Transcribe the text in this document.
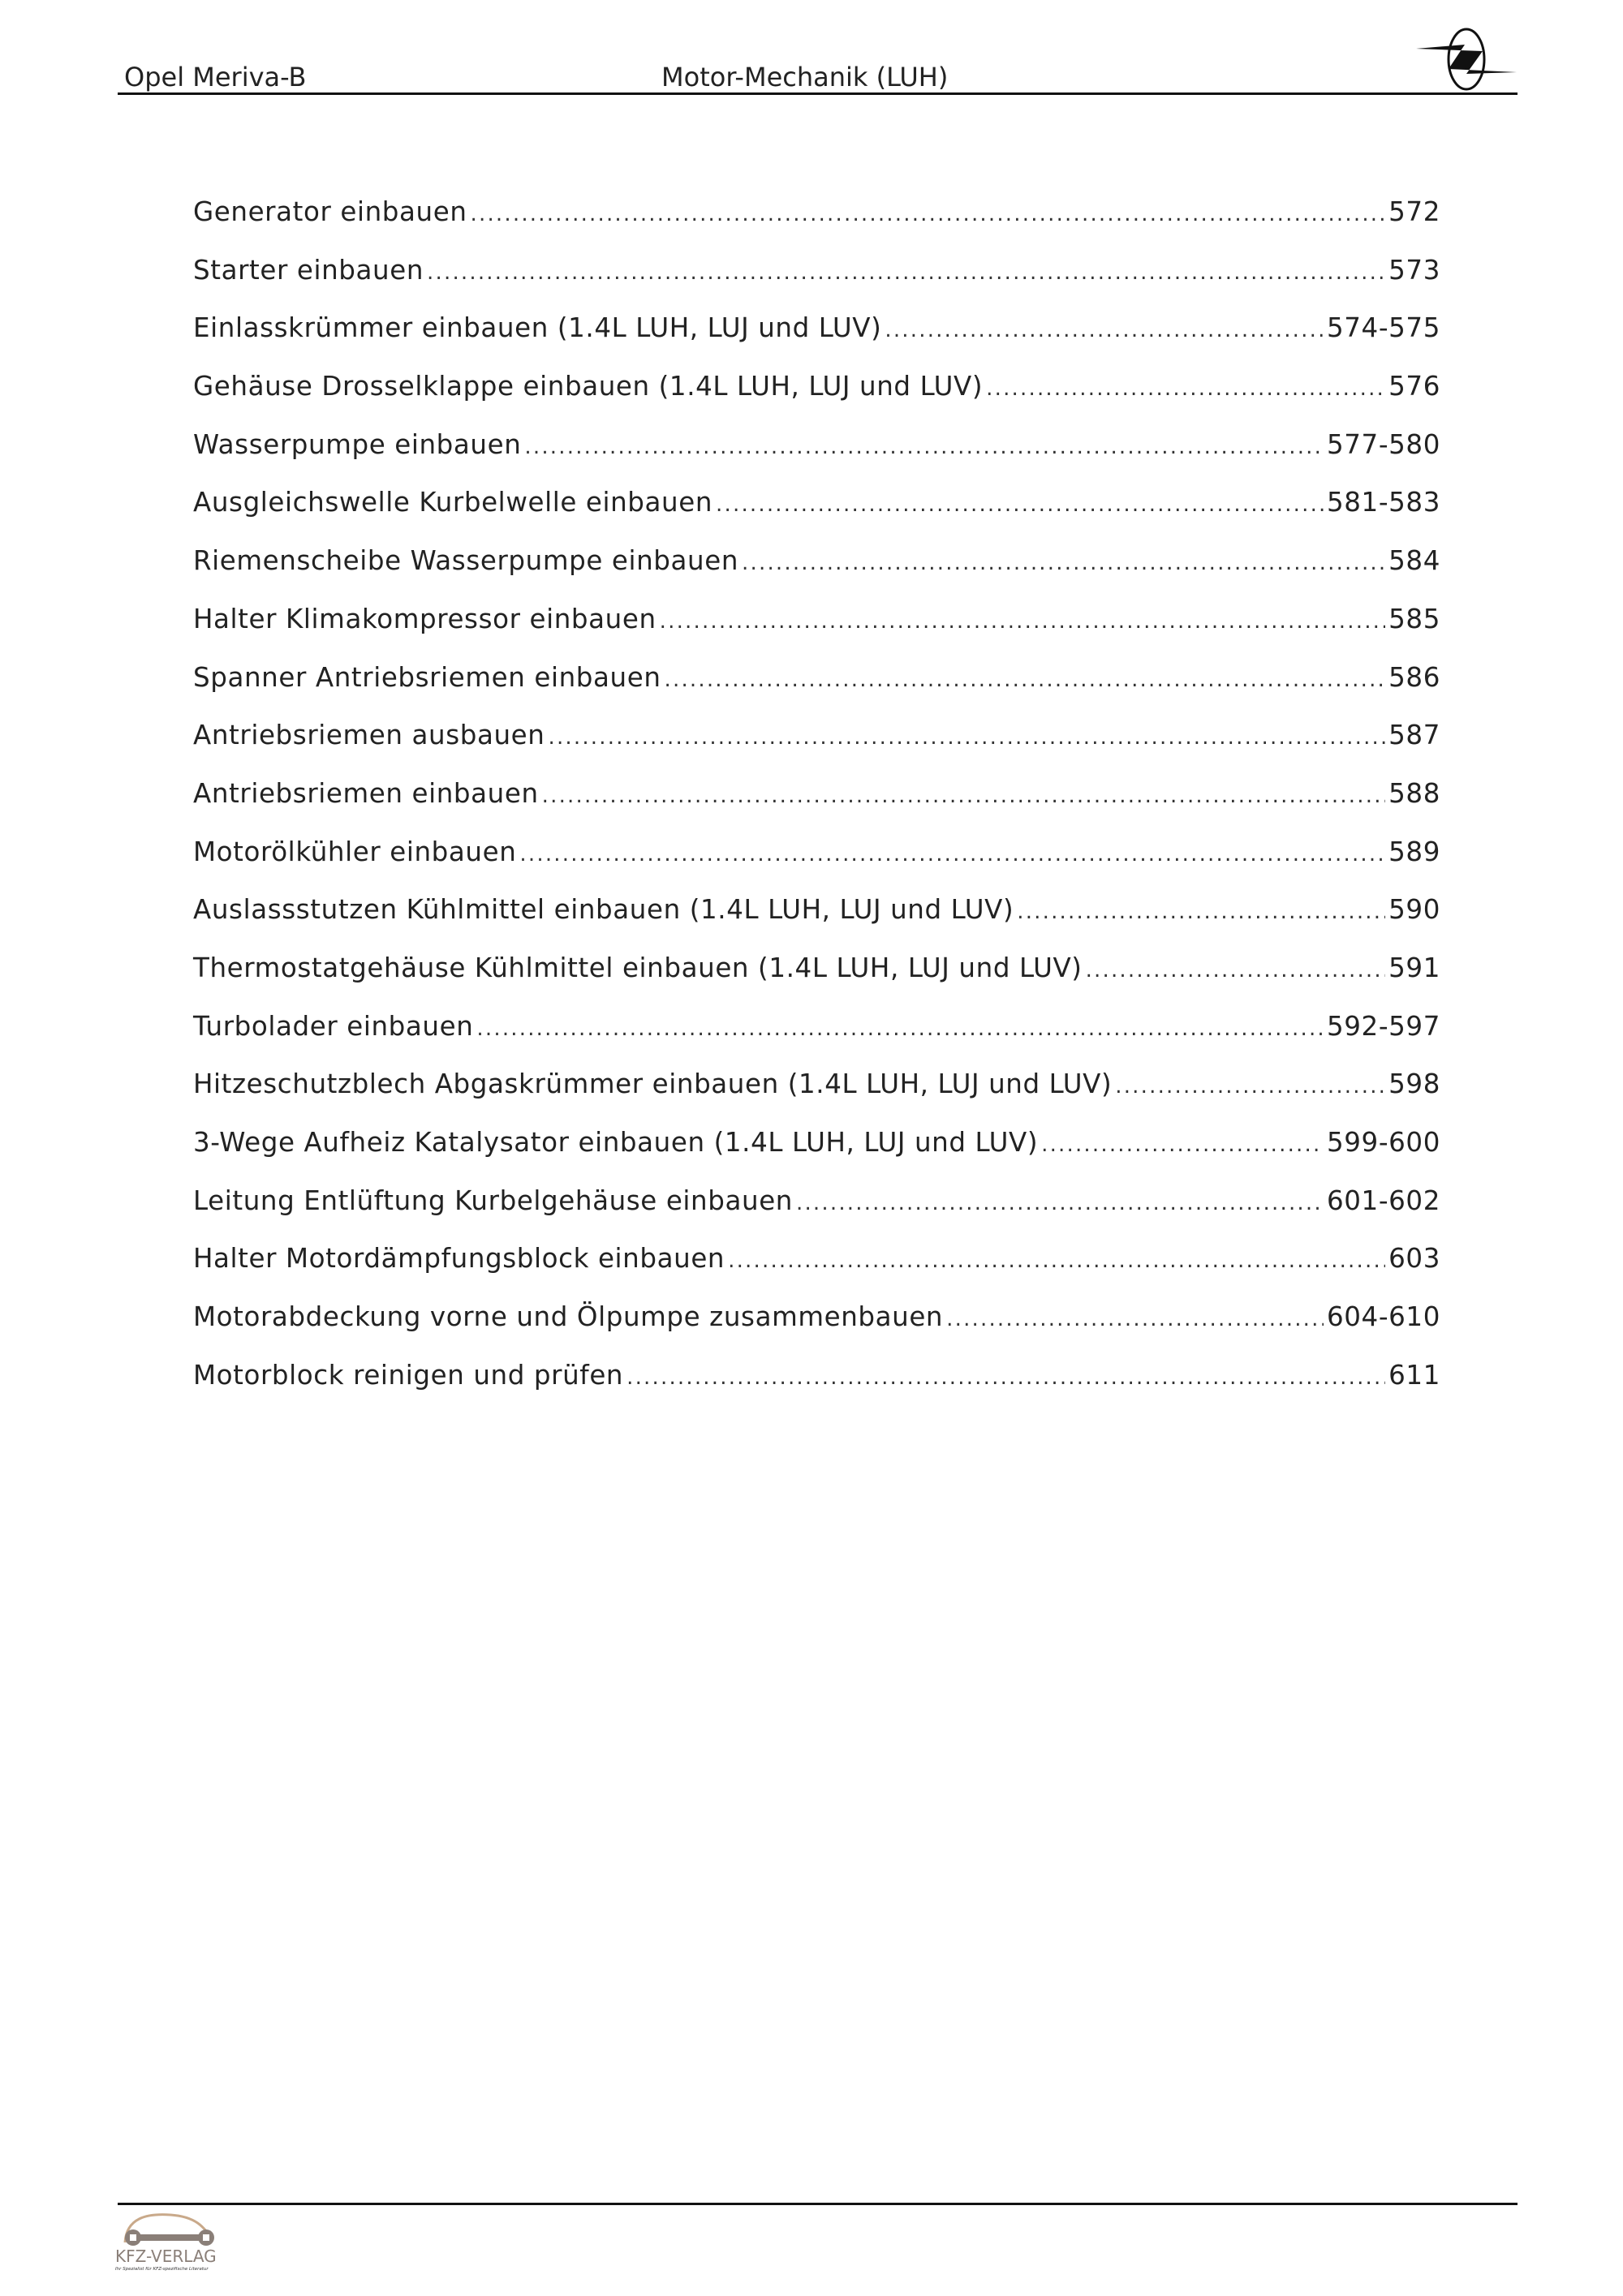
Opel Meriva-B	Motor-Mechanik (LUH)
Generator einbauen .....	572
Starter einbauen .....	573
Einlasskrümmer einbauen (1.4L LUH, LUJ und LUV) .....	574-575
Gehäuse Drosselklappe einbauen (1.4L LUH, LUJ und LUV) .....	576
Wasserpumpe einbauen .....	577-580
Ausgleichswelle Kurbelwelle einbauen .....	581-583
Riemenscheibe Wasserpumpe einbauen .....	584
Halter Klimakompressor einbauen .....	585
Spanner Antriebsriemen einbauen .....	586
Antriebsriemen ausbauen .....	587
Antriebsriemen einbauen .....	588
Motorölkühler einbauen .....	589
Auslassstutzen Kühlmittel einbauen (1.4L LUH, LUJ und LUV) .....	590
Thermostatgehäuse Kühlmittel einbauen (1.4L LUH, LUJ und LUV) .....	591
Turbolader einbauen .....	592-597
Hitzeschutzblech Abgaskrümmer einbauen (1.4L LUH, LUJ und LUV) .....	598
3-Wege Aufheiz Katalysator einbauen (1.4L LUH, LUJ und LUV) .....	599-600
Leitung Entlüftung Kurbelgehäuse einbauen .....	601-602
Halter Motordämpfungsblock einbauen .....	603
Motorabdeckung vorne und Ölpumpe zusammenbauen .....	604-610
Motorblock reinigen und prüfen .....	611
KFZ-VERLAG
Ihr Spezialist für KFZ-spezifische Literatur
